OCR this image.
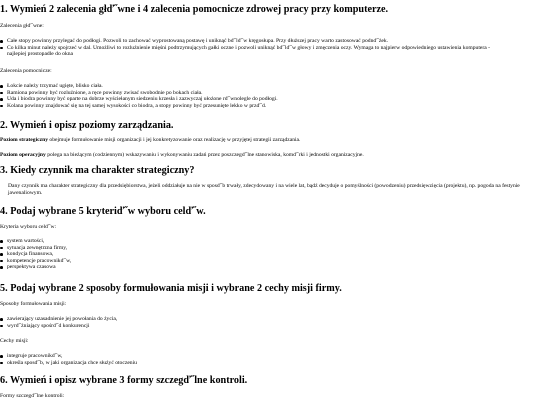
1. Wymień 2 zalecenia głď˝wne i 4 zalecenia pomocnicze zdrowej pracy przy komputerze.

Zalecenia głď˝wne:

Całe stopy powinny przylegać do podłogi. Pozwoli to zachować wyprostowaną postawę i uniknąć bď˝lď˝w kręgosłupa. Przy dłuższej pracy warto zastosować podnď˝żek.
Co kilka minut należy spojrzeć w dal. Umożliwi to rozluźnienie mięśni podtrzymujących gałki oczne i pozwoli uniknąć bď˝lď˝w głowy i zmęczenia oczy. Wymaga to najpierw odpowiedniego ustawienia komputera - najlepiej prostopadle do okna

Zalecenia pomocnicze:

Łokcie należy trzymać ugięte, blisko ciała.
Ramiona powinny być rozluźnione, a ręce powinny zwisać swobodnie po bokach ciała.
Uda i biodra powinny być oparte na dobrze wyściełanym siedzeniu krzesła i zazwyczaj ułożone rď˝wnolegle do podłogi.
Kolana powinny znajdować się na tej samej wysokości co biodra, a stopy powinny być przesunięte lekko w przď˝d.
2. Wymień i opisz poziomy zarządzania.

Poziom strategiczny obejmuje formułowanie misji organizacji i jej konkretyzowanie oraz realizację w przyjętej strategii zarządzania.

Poziom operacyjny polega na bieżącym (codziennym) wskazywaniu i wykonywaniu zadań przez poszczegď˝lne stanowiska, komď˝rki i jednostki organizacyjne.

3. Kiedy czynnik ma charakter strategiczny?

Dany czynnik ma charakter strategiczny dla przedsiębiorstwa, jeżeli oddziałuje na nie w sposď˝b trwały, zdecydowany i na wiele lat, bądź decyduje o pomyślności (powodzeniu) przedsięwzięcia (projektu), np. pogoda na festynie jawenaliowym.

4. Podaj wybrane 5 kryteriď˝w wyboru celď˝w.

Kryteria wyboru celď˝w:

system wartości,
sytuacja zewnętrzna firmy,
kondycja finansowa,
kompetencje pracownikď˝w,
perspektywa czasowa
5. Podaj wybrane 2 sposoby formułowania misji i wybrane 2 cechy misji firmy.

Sposoby formułowania misji:

zawierający uzasadnienie jej powołania do życia,
wyrď˝żniający spośrď˝d konkurencji

Cechy misji:

integruje pracownikď˝w,
określa sposď˝b, w jaki organizacja chce służyć otoczeniu
6. Wymień i opisz wybrane 3 formy szczegď˝lne kontroli.

Formy szczegď˝lne kontroli:
